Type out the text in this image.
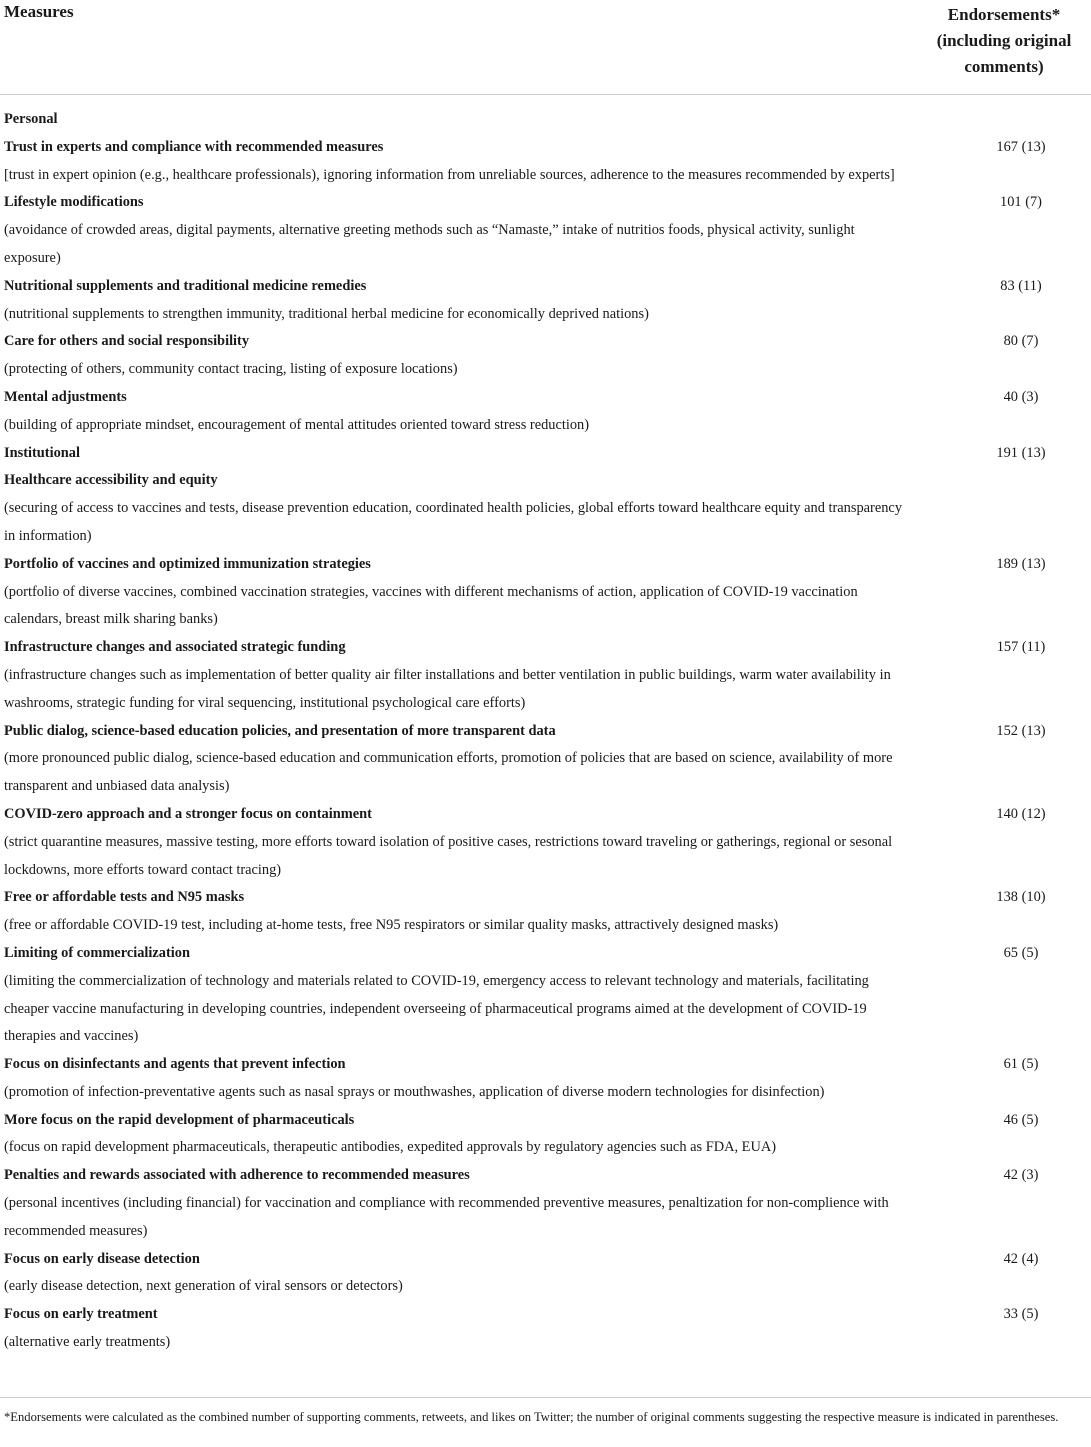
Measures	Endorsements* (including original comments)
Personal
Trust in experts and compliance with recommended measures
[trust in expert opinion (e.g., healthcare professionals), ignoring information from unreliable sources, adherence to the measures recommended by experts]
167 (13)
Lifestyle modifications
(avoidance of crowded areas, digital payments, alternative greeting methods such as “Namaste,” intake of nutritios foods, physical activity, sunlight exposure)
101 (7)
Nutritional supplements and traditional medicine remedies
(nutritional supplements to strengthen immunity, traditional herbal medicine for economically deprived nations)
83 (11)
Care for others and social responsibility
(protecting of others, community contact tracing, listing of exposure locations)
80 (7)
Mental adjustments
(building of appropriate mindset, encouragement of mental attitudes oriented toward stress reduction)
40 (3)
Institutional	191 (13)
Healthcare accessibility and equity
(securing of access to vaccines and tests, disease prevention education, coordinated health policies, global efforts toward healthcare equity and transparency in information)
Portfolio of vaccines and optimized immunization strategies
(portfolio of diverse vaccines, combined vaccination strategies, vaccines with different mechanisms of action, application of COVID-19 vaccination calendars, breast milk sharing banks)
189 (13)
Infrastructure changes and associated strategic funding
(infrastructure changes such as implementation of better quality air filter installations and better ventilation in public buildings, warm water availability in washrooms, strategic funding for viral sequencing, institutional psychological care efforts)
157 (11)
Public dialog, science-based education policies, and presentation of more transparent data
(more pronounced public dialog, science-based education and communication efforts, promotion of policies that are based on science, availability of more transparent and unbiased data analysis)
152 (13)
COVID-zero approach and a stronger focus on containment
(strict quarantine measures, massive testing, more efforts toward isolation of positive cases, restrictions toward traveling or gatherings, regional or sesonal lockdowns, more efforts toward contact tracing)
140 (12)
Free or affordable tests and N95 masks
(free or affordable COVID-19 test, including at-home tests, free N95 respirators or similar quality masks, attractively designed masks)
138 (10)
Limiting of commercialization
(limiting the commercialization of technology and materials related to COVID-19, emergency access to relevant technology and materials, facilitating cheaper vaccine manufacturing in developing countries, independent overseeing of pharmaceutical programs aimed at the development of COVID-19 therapies and vaccines)
65 (5)
Focus on disinfectants and agents that prevent infection
(promotion of infection-preventative agents such as nasal sprays or mouthwashes, application of diverse modern technologies for disinfection)
61 (5)
More focus on the rapid development of pharmaceuticals
(focus on rapid development pharmaceuticals, therapeutic antibodies, expedited approvals by regulatory agencies such as FDA, EUA)
46 (5)
Penalties and rewards associated with adherence to recommended measures
(personal incentives (including financial) for vaccination and compliance with recommended preventive measures, penaltization for non-complience with recommended measures)
42 (3)
Focus on early disease detection
(early disease detection, next generation of viral sensors or detectors)
42 (4)
Focus on early treatment
(alternative early treatments)
33 (5)
*Endorsements were calculated as the combined number of supporting comments, retweets, and likes on Twitter; the number of original comments suggesting the respective measure is indicated in parentheses.
